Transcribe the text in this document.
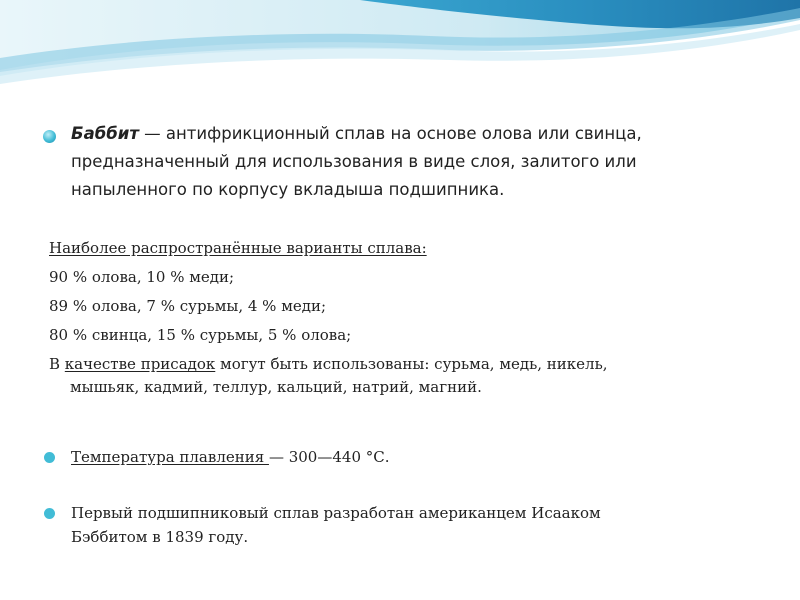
Баббит — антифрикционный сплав на основе олова или свинца,
предназначенный для использования в виде слоя, залитого или
напыленного по корпусу вкладыша подшипника.
Наиболее распространённые варианты сплава:
90 % олова, 10 % меди;
89 % олова, 7 % сурьмы, 4 % меди;
80 % свинца, 15 % сурьмы, 5 % олова;
В качестве присадок могут быть использованы: сурьма, медь, никель,
мышьяк, кадмий, теллур, кальций, натрий, магний.
Температура плавления — 300—440 °С.
Первый подшипниковый сплав разработан американцем Исааком
Бэббитом в 1839 году.
